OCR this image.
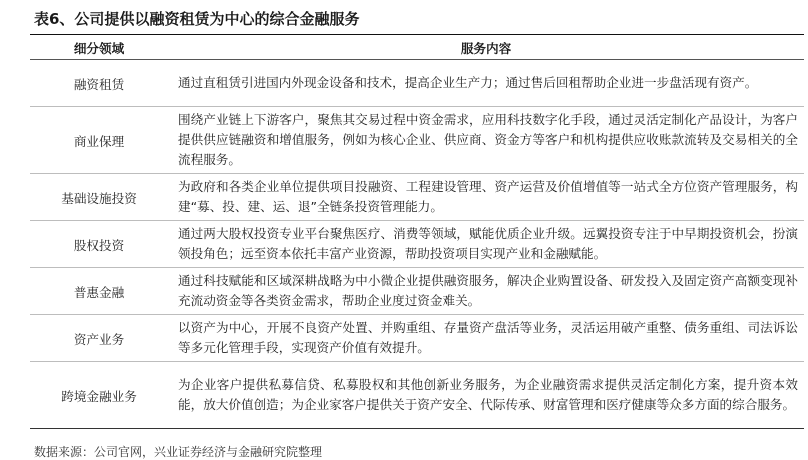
表6、公司提供以融资租赁为中心的综合金融服务
细分领域	服务内容
融资租赁	通过直租赁引进国内外现金设备和技术，提高企业生产力；通过售后回租帮助企业进一步盘活现有资产。
商业保理	围绕产业链上下游客户，聚焦其交易过程中资金需求，应用科技数字化手段，通过灵活定制化产品设计，为客户提供供应链融资和增值服务，例如为核心企业、供应商、资金方等客户和机构提供应收账款流转及交易相关的全流程服务。
基础设施投资	为政府和各类企业单位提供项目投融资、工程建设管理、资产运营及价值增值等一站式全方位资产管理服务，构建“募、投、建、运、退”全链条投资管理能力。
股权投资	通过两大股权投资专业平台聚焦医疗、消费等领域，赋能优质企业升级。远翼投资专注于中早期投资机会，扮演领投角色；远至资本依托丰富产业资源，帮助投资项目实现产业和金融赋能。
普惠金融	通过科技赋能和区域深耕战略为中小微企业提供融资服务，解决企业购置设备、研发投入及固定资产高额变现补充流动资金等各类资金需求，帮助企业度过资金难关。
资产业务	以资产为中心，开展不良资产处置、并购重组、存量资产盘活等业务，灵活运用破产重整、债务重组、司法诉讼等多元化管理手段，实现资产价值有效提升。
跨境金融业务	为企业客户提供私募信贷、私募股权和其他创新业务服务，为企业融资需求提供灵活定制化方案，提升资本效能，放大价值创造；为企业家客户提供关于资产安全、代际传承、财富管理和医疗健康等众多方面的综合服务。
数据来源：公司官网，兴业证券经济与金融研究院整理
